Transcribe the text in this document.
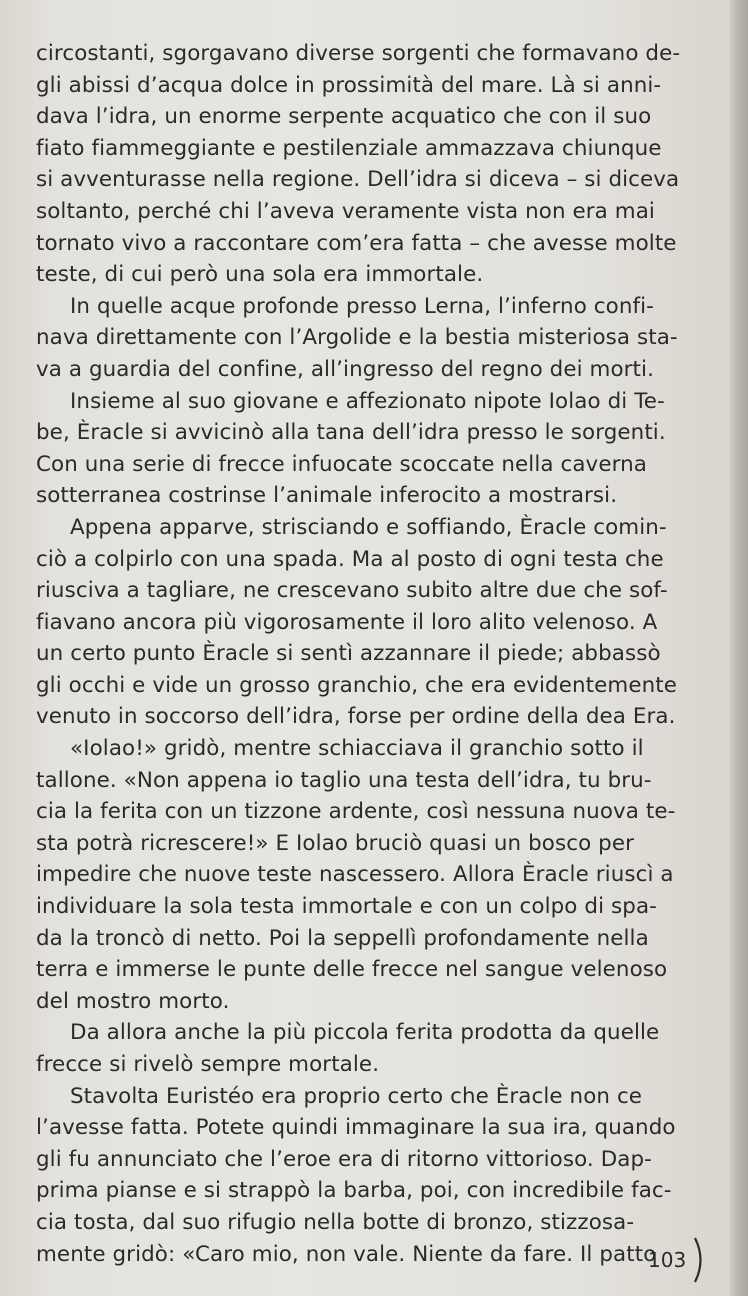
circostanti, sgorgavano diverse sorgenti che formavano de-
gli abissi d’acqua dolce in prossimità del mare. Là si anni-
dava l’idra, un enorme serpente acquatico che con il suo
fiato fiammeggiante e pestilenziale ammazzava chiunque
si avventurasse nella regione. Dell’idra si diceva – si diceva
soltanto, perché chi l’aveva veramente vista non era mai
tornato vivo a raccontare com’era fatta – che avesse molte
teste, di cui però una sola era immortale.
In quelle acque profonde presso Lerna, l’inferno confi-
nava direttamente con l’Argolide e la bestia misteriosa sta-
va a guardia del confine, all’ingresso del regno dei morti.
Insieme al suo giovane e affezionato nipote Iolao di Te-
be, Èracle si avvicinò alla tana dell’idra presso le sorgenti.
Con una serie di frecce infuocate scoccate nella caverna
sotterranea costrinse l’animale inferocito a mostrarsi.
Appena apparve, strisciando e soffiando, Èracle comin-
ciò a colpirlo con una spada. Ma al posto di ogni testa che
riusciva a tagliare, ne crescevano subito altre due che sof-
fiavano ancora più vigorosamente il loro alito velenoso. A
un certo punto Èracle si sentì azzannare il piede; abbassò
gli occhi e vide un grosso granchio, che era evidentemente
venuto in soccorso dell’idra, forse per ordine della dea Era.
«Iolao!» gridò, mentre schiacciava il granchio sotto il
tallone. «Non appena io taglio una testa dell’idra, tu bru-
cia la ferita con un tizzone ardente, così nessuna nuova te-
sta potrà ricrescere!» E Iolao bruciò quasi un bosco per
impedire che nuove teste nascessero. Allora Èracle riuscì a
individuare la sola testa immortale e con un colpo di spa-
da la troncò di netto. Poi la seppellì profondamente nella
terra e immerse le punte delle frecce nel sangue velenoso
del mostro morto.
Da allora anche la più piccola ferita prodotta da quelle
frecce si rivelò sempre mortale.
Stavolta Euristéo era proprio certo che Èracle non ce
l’avesse fatta. Potete quindi immaginare la sua ira, quando
gli fu annunciato che l’eroe era di ritorno vittorioso. Dap-
prima pianse e si strappò la barba, poi, con incredibile fac-
cia tosta, dal suo rifugio nella botte di bronzo, stizzosa-
mente gridò: «Caro mio, non vale. Niente da fare. Il patto
103
